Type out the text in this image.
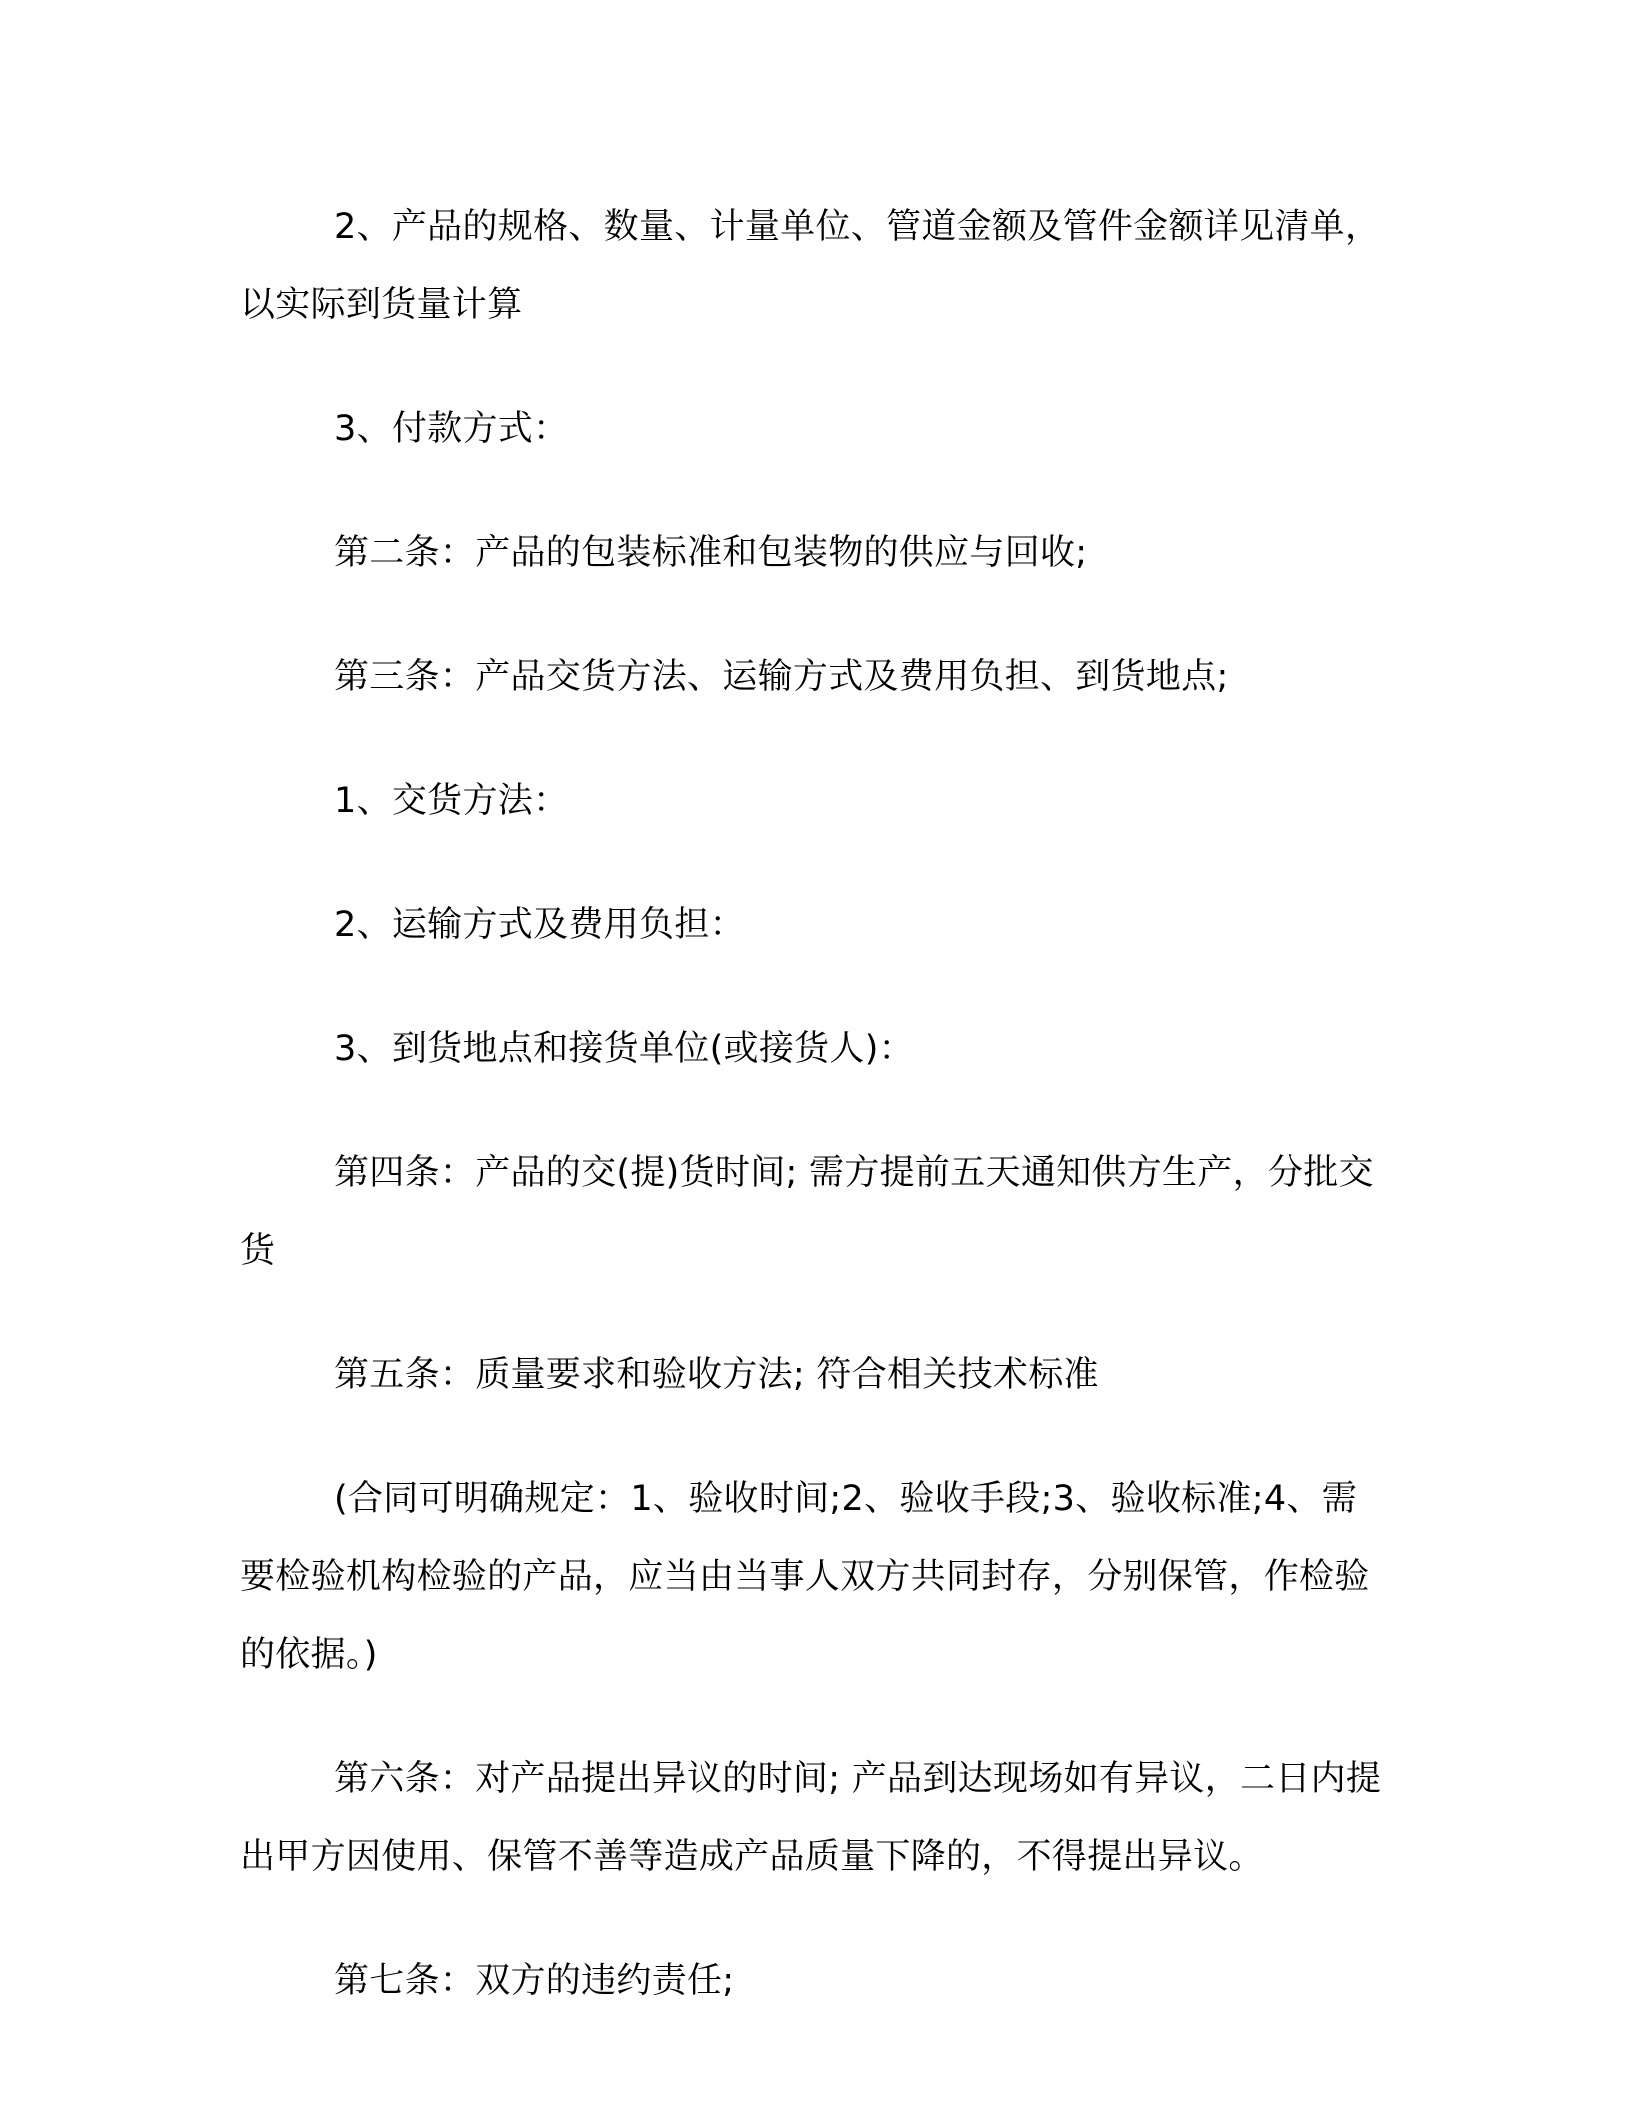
2、产品的规格、数量、计量单位、管道金额及管件金额详见清单，以实际到货量计算

3、付款方式：

第二条：产品的包装标准和包装物的供应与回收;

第三条：产品交货方法、运输方式及费用负担、到货地点;

1、交货方法：

2、运输方式及费用负担：

3、到货地点和接货单位(或接货人)：

第四条：产品的交(提)货时间; 需方提前五天通知供方生产，分批交货

第五条：质量要求和验收方法; 符合相关技术标准

(合同可明确规定：1、验收时间;2、验收手段;3、验收标准;4、需要检验机构检验的产品，应当由当事人双方共同封存，分别保管，作检验的依据。)

第六条：对产品提出异议的时间; 产品到达现场如有异议，二日内提出甲方因使用、保管不善等造成产品质量下降的，不得提出异议。

第七条：双方的违约责任;
